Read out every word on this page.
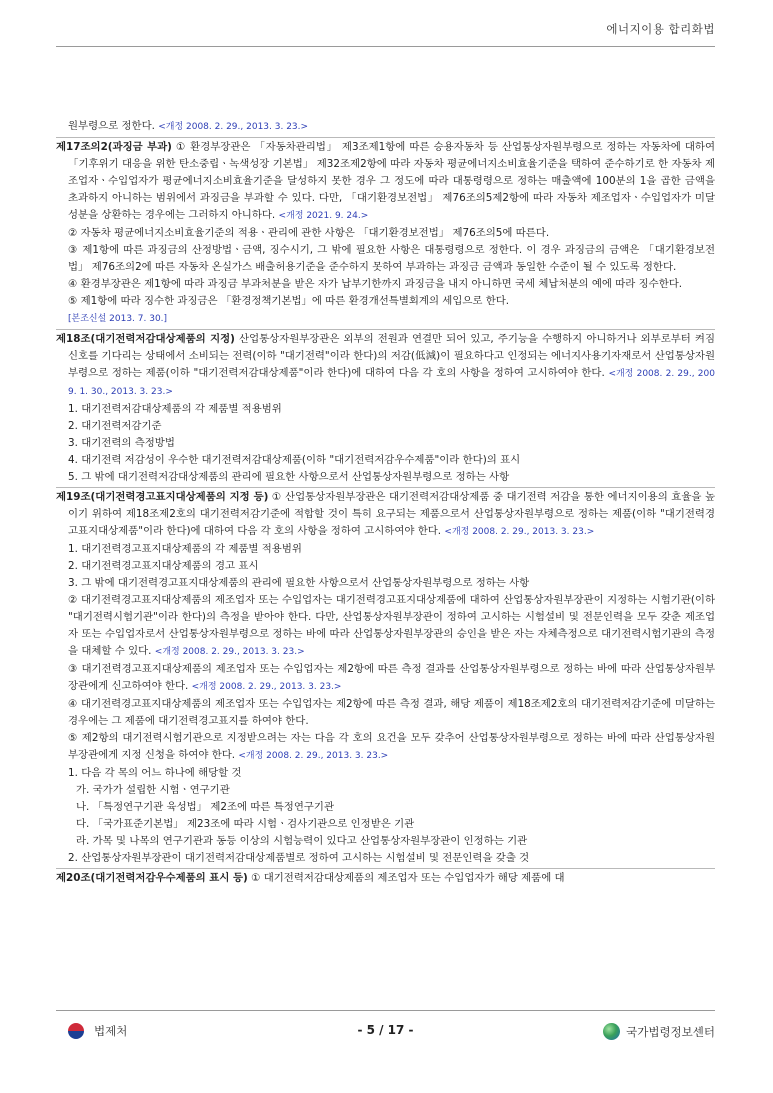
에너지이용 합리화법

원부령으로 정한다. <개정 2008. 2. 29., 2013. 3. 23.>

제17조의2(과징금 부과) ① 환경부장관은 「자동차관리법」 제3조제1항에 따른 승용자동차 등 산업통상자원부령으로 정하는 자동차에 대하여 「기후위기 대응을 위한 탄소중립ㆍ녹색성장 기본법」 제32조제2항에 따라 자동차 평균에너지소비효율기준을 택하여 준수하기로 한 자동차 제조업자ㆍ수입업자가 평균에너지소비효율기준을 달성하지 못한 경우 그 정도에 따라 대통령령으로 정하는 매출액에 100분의 1을 곱한 금액을 초과하지 아니하는 범위에서 과징금을 부과할 수 있다. 다만, 「대기환경보전법」 제76조의5제2항에 따라 자동차 제조업자ㆍ수입업자가 미달성분을 상환하는 경우에는 그러하지 아니하다. <개정 2021. 9. 24.>

② 자동차 평균에너지소비효율기준의 적용ㆍ관리에 관한 사항은 「대기환경보전법」 제76조의5에 따른다.

③ 제1항에 따른 과징금의 산정방법ㆍ금액, 징수시기, 그 밖에 필요한 사항은 대통령령으로 정한다. 이 경우 과징금의 금액은 「대기환경보전법」 제76조의2에 따른 자동차 온실가스 배출허용기준을 준수하지 못하여 부과하는 과징금 금액과 동일한 수준이 될 수 있도록 정한다.

④ 환경부장관은 제1항에 따라 과징금 부과처분을 받은 자가 납부기한까지 과징금을 내지 아니하면 국세 체납처분의 예에 따라 징수한다.

⑤ 제1항에 따라 징수한 과징금은 「환경정책기본법」에 따른 환경개선특별회계의 세입으로 한다.

[본조신설 2013. 7. 30.]

제18조(대기전력저감대상제품의 지정) 산업통상자원부장관은 외부의 전원과 연결만 되어 있고, 주기능을 수행하지 아니하거나 외부로부터 켜짐 신호를 기다리는 상태에서 소비되는 전력(이하 "대기전력"이라 한다)의 저감(低減)이 필요하다고 인정되는 에너지사용기자재로서 산업통상자원부령으로 정하는 제품(이하 "대기전력저감대상제품"이라 한다)에 대하여 다음 각 호의 사항을 정하여 고시하여야 한다. <개정 2008. 2. 29., 2009. 1. 30., 2013. 3. 23.>

1. 대기전력저감대상제품의 각 제품별 적용범위

2. 대기전력저감기준

3. 대기전력의 측정방법

4. 대기전력 저감성이 우수한 대기전력저감대상제품(이하 "대기전력저감우수제품"이라 한다)의 표시

5. 그 밖에 대기전력저감대상제품의 관리에 필요한 사항으로서 산업통상자원부령으로 정하는 사항

제19조(대기전력경고표지대상제품의 지정 등) ① 산업통상자원부장관은 대기전력저감대상제품 중 대기전력 저감을 통한 에너지이용의 효율을 높이기 위하여 제18조제2호의 대기전력저감기준에 적합할 것이 특히 요구되는 제품으로서 산업통상자원부령으로 정하는 제품(이하 "대기전력경고표지대상제품"이라 한다)에 대하여 다음 각 호의 사항을 정하여 고시하여야 한다. <개정 2008. 2. 29., 2013. 3. 23.>

1. 대기전력경고표지대상제품의 각 제품별 적용범위

2. 대기전력경고표지대상제품의 경고 표시

3. 그 밖에 대기전력경고표지대상제품의 관리에 필요한 사항으로서 산업통상자원부령으로 정하는 사항

② 대기전력경고표지대상제품의 제조업자 또는 수입업자는 대기전력경고표지대상제품에 대하여 산업통상자원부장관이 지정하는 시험기관(이하 "대기전력시험기관"이라 한다)의 측정을 받아야 한다. 다만, 산업통상자원부장관이 정하여 고시하는 시험설비 및 전문인력을 모두 갖춘 제조업자 또는 수입업자로서 산업통상자원부령으로 정하는 바에 따라 산업통상자원부장관의 승인을 받은 자는 자체측정으로 대기전력시험기관의 측정을 대체할 수 있다. <개정 2008. 2. 29., 2013. 3. 23.>

③ 대기전력경고표지대상제품의 제조업자 또는 수입업자는 제2항에 따른 측정 결과를 산업통상자원부령으로 정하는 바에 따라 산업통상자원부장관에게 신고하여야 한다. <개정 2008. 2. 29., 2013. 3. 23.>

④ 대기전력경고표지대상제품의 제조업자 또는 수입업자는 제2항에 따른 측정 결과, 해당 제품이 제18조제2호의 대기전력저감기준에 미달하는 경우에는 그 제품에 대기전력경고표지를 하여야 한다.

⑤ 제2항의 대기전력시험기관으로 지정받으려는 자는 다음 각 호의 요건을 모두 갖추어 산업통상자원부령으로 정하는 바에 따라 산업통상자원부장관에게 지정 신청을 하여야 한다. <개정 2008. 2. 29., 2013. 3. 23.>

1. 다음 각 목의 어느 하나에 해당할 것

가. 국가가 설립한 시험ㆍ연구기관

나. 「특정연구기관 육성법」 제2조에 따른 특정연구기관

다. 「국가표준기본법」 제23조에 따라 시험ㆍ검사기관으로 인정받은 기관

라. 가목 및 나목의 연구기관과 동등 이상의 시험능력이 있다고 산업통상자원부장관이 인정하는 기관

2. 산업통상자원부장관이 대기전력저감대상제품별로 정하여 고시하는 시험설비 및 전문인력을 갖출 것

제20조(대기전력저감우수제품의 표시 등) ① 대기전력저감대상제품의 제조업자 또는 수입업자가 해당 제품에 대

법제처	- 5 / 17 -	국가법령정보센터
